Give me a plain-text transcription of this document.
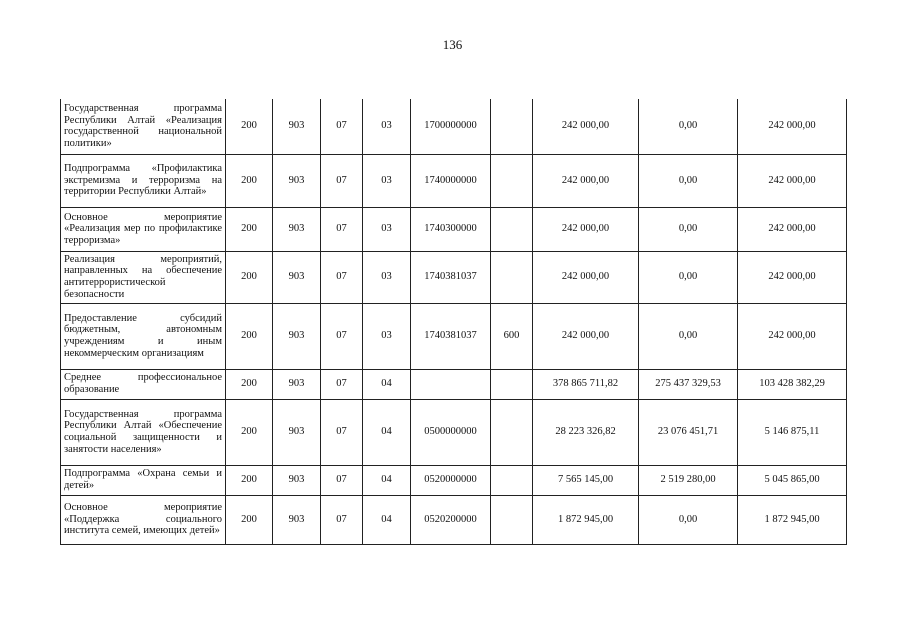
136
Государственная программа Республики Алтай «Реализация государственной национальной политики»	200	903	07	03	1700000000		242 000,00	0,00	242 000,00
Подпрограмма «Профилактика экстремизма и терроризма на территории Республики Алтай»	200	903	07	03	1740000000		242 000,00	0,00	242 000,00
Основное мероприятие «Реализация мер по профилактике терроризма»	200	903	07	03	1740300000		242 000,00	0,00	242 000,00
Реализация мероприятий, направленных на обеспечение антитеррористической безопасности	200	903	07	03	1740381037		242 000,00	0,00	242 000,00
Предоставление субсидий бюджетным, автономным учреждениям и иным некоммерческим организациям	200	903	07	03	1740381037	600	242 000,00	0,00	242 000,00
Среднее профессиональное образование	200	903	07	04			378 865 711,82	275 437 329,53	103 428 382,29
Государственная программа Республики Алтай «Обеспечение социальной защищенности и занятости населения»	200	903	07	04	0500000000		28 223 326,82	23 076 451,71	5 146 875,11
Подпрограмма «Охрана семьи и детей»	200	903	07	04	0520000000		7 565 145,00	2 519 280,00	5 045 865,00
Основное мероприятие «Поддержка социального института семей, имеющих детей»	200	903	07	04	0520200000		1 872 945,00	0,00	1 872 945,00
